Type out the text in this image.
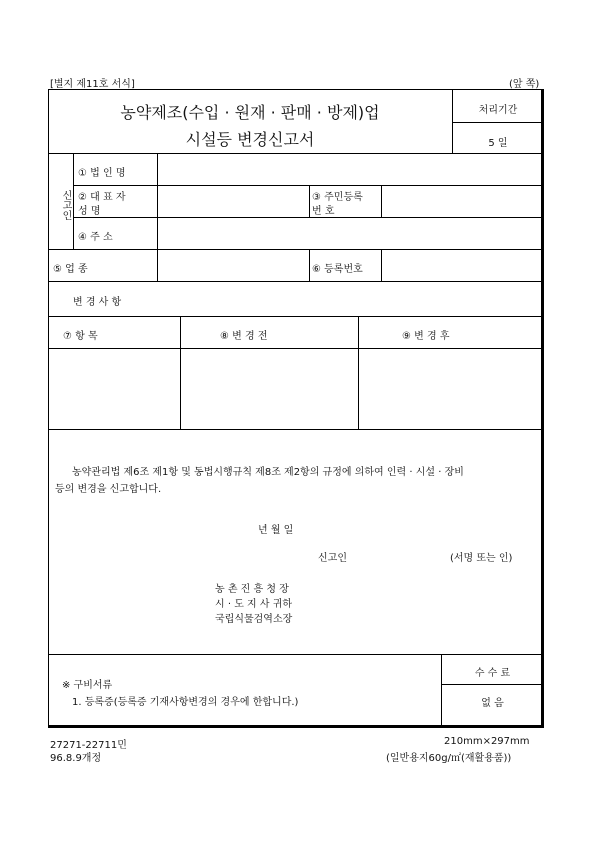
[별지 제11호 서식]	(앞 쪽)
농약제조(수입 · 원재 · 판매 · 방제)업
시설등 변경신고서
처리기간
5 일
신고인
① 법 인 명
② 대 표 자
성 명
③ 주민등록
번 호
④ 주 소
⑤ 업 종	⑥ 등록번호
변 경 사 항
⑦ 항 목	⑧ 변 경 전	⑨ 변 경 후
농약관리법 제6조 제1항 및 동법시행규칙 제8조 제2항의 규정에 의하여 인력 · 시설 · 장비
등의 변경을 신고합니다.
년 월 일
신고인	(서명 또는 인)
농 촌 진 흥 청 장
시 · 도 지 사 귀하
국립식물검역소장
※ 구비서류
1. 등록증(등록증 기재사항변경의 경우에 한합니다.)
수 수 료
없 음
27271-22711민
96.8.9개정
210mm×297mm
(일반용지60g/㎡(재활용품))
